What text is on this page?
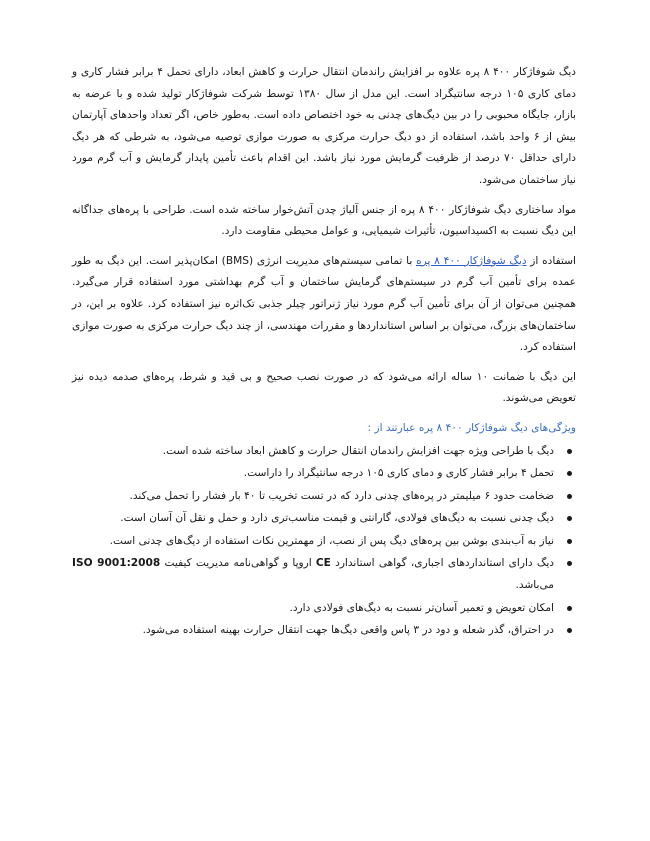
دیگ شوفاژکار ۴۰۰ ۸ پره علاوه بر افزایش راندمان انتقال حرارت و کاهش ابعاد، دارای تحمل ۴ برابر فشار کاری و دمای کاری ۱۰۵ درجه سانتیگراد است. این مدل از سال ۱۳۸۰ توسط شرکت شوفاژکار تولید شده و با عرضه به بازار، جایگاه محبوبی را در بین دیگ‌های چدنی به خود اختصاص داده است. به‌طور خاص، اگر تعداد واحدهای آپارتمان بیش از ۶ واحد باشد، استفاده از دو دیگ حرارت مرکزی به صورت موازی توصیه می‌شود، به شرطی که هر دیگ دارای حداقل ۷۰ درصد از ظرفیت گرمایش مورد نیاز باشد. این اقدام باعث تأمین پایدار گرمایش و آب گرم مورد نیاز ساختمان می‌شود.

مواد ساختاری دیگ شوفاژکار ۴۰۰ ۸ پره از جنس آلیاژ چدن آتش‌خوار ساخته شده است. طراحی با پره‌های جداگانه این دیگ نسبت به اکسیداسیون، تأثیرات شیمیایی، و عوامل محیطی مقاومت دارد.

استفاده از دیگ شوفاژکار ۴۰۰ ۸ پره با تمامی سیستم‌های مدیریت انرژی (BMS) امکان‌پذیر است. این دیگ به طور عمده برای تأمین آب گرم در سیستم‌های گرمایش ساختمان و آب گرم بهداشتی مورد استفاده قرار می‌گیرد. همچنین می‌توان از آن برای تأمین آب گرم مورد نیاز ژنراتور چیلر جذبی تک‌اثره نیز استفاده کرد. علاوه بر این، در ساختمان‌های بزرگ، می‌توان بر اساس استانداردها و مقررات مهندسی، از چند دیگ حرارت مرکزی به صورت موازی استفاده کرد.

این دیگ با ضمانت ۱۰ ساله ارائه می‌شود که در صورت نصب صحیح و بی قید و شرط، پره‌های صدمه دیده نیز تعویض می‌شوند.

ویژگی‌های دیگ شوفاژکار ۴۰۰ ۸ پره عبارتند از :
دیگ با طراحی ویژه جهت افزایش راندمان انتقال حرارت و کاهش ابعاد ساخته شده است.
تحمل ۴ برابر فشار کاری و دمای کاری ۱۰۵ درجه سانتیگراد را داراست.
ضخامت حدود ۶ میلیمتر در پره‌های چدنی دارد که در تست تخریب تا ۴۰ بار فشار را تحمل می‌کند.
دیگ چدنی نسبت به دیگ‌های فولادی، گارانتی و قیمت مناسب‌تری دارد و حمل و نقل آن آسان است.
نیاز به آب‌بندی بوشن بین پره‌های دیگ پس از نصب، از مهمترین نکات استفاده از دیگ‌های چدنی است.
دیگ دارای استانداردهای اجباری، گواهی استاندارد CE اروپا و گواهی‌نامه مدیریت کیفیت ISO 9001:2008 می‌باشد.
امکان تعویض و تعمیر آسان‌تر نسبت به دیگ‌های فولادی دارد.
در احتراق، گذر شعله و دود در ۳ پاس واقعی دیگ‌ها جهت انتقال حرارت بهینه استفاده می‌شود.
